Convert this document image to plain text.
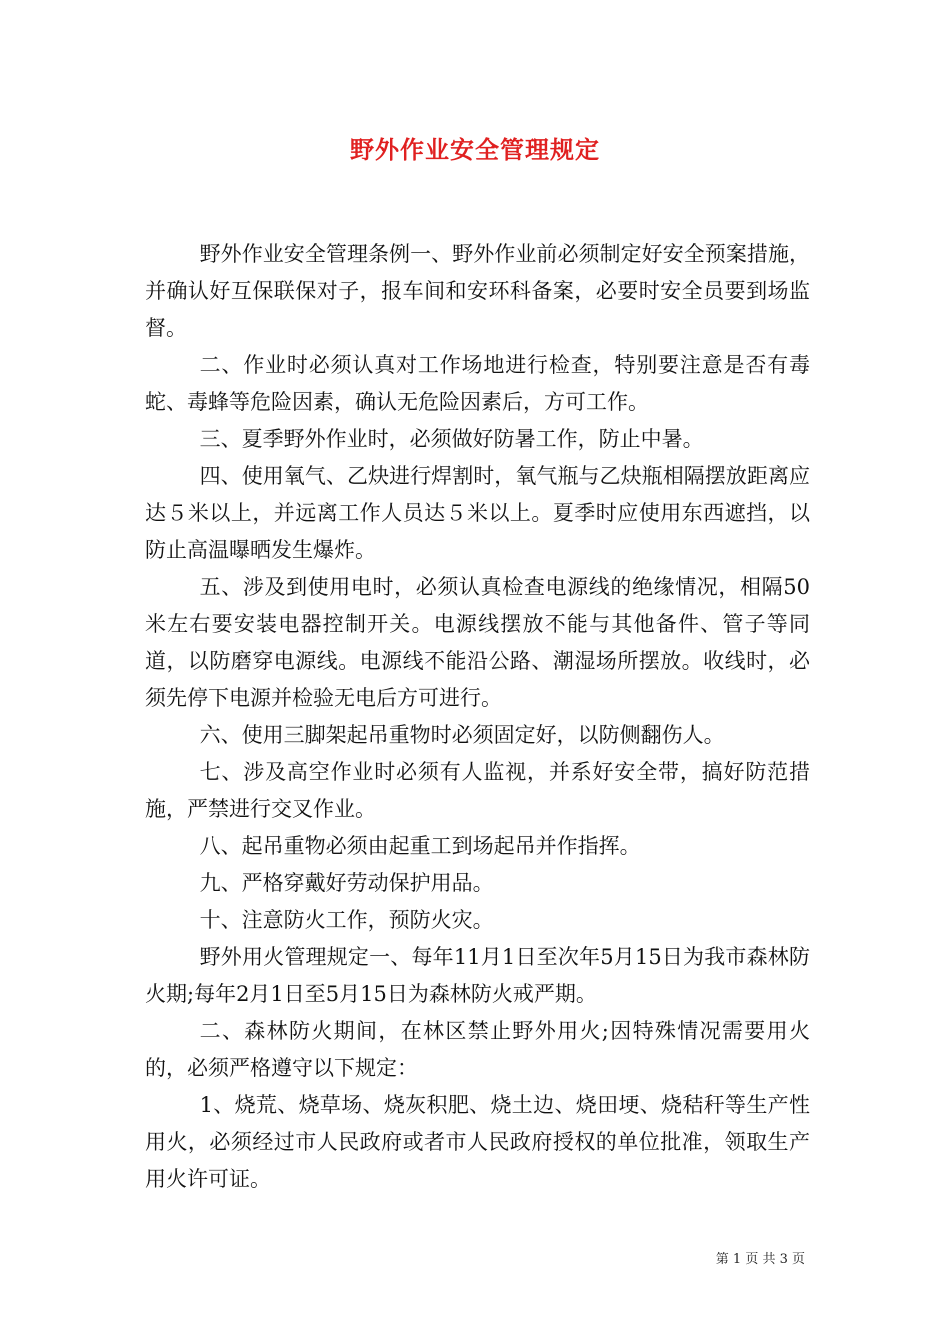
野外作业安全管理规定

野外作业安全管理条例一、野外作业前必须制定好安全预案措施，并确认好互保联保对子，报车间和安环科备案，必要时安全员要到场监督。

二、作业时必须认真对工作场地进行检查，特别要注意是否有毒蛇、毒蜂等危险因素，确认无危险因素后，方可工作。

三、夏季野外作业时，必须做好防暑工作，防止中暑。

四、使用氧气、乙炔进行焊割时，氧气瓶与乙炔瓶相隔摆放距离应达５米以上，并远离工作人员达５米以上。夏季时应使用东西遮挡，以防止高温曝晒发生爆炸。

五、涉及到使用电时，必须认真检查电源线的绝缘情况，相隔50米左右要安装电器控制开关。电源线摆放不能与其他备件、管子等同道，以防磨穿电源线。电源线不能沿公路、潮湿场所摆放。收线时，必须先停下电源并检验无电后方可进行。

六、使用三脚架起吊重物时必须固定好，以防侧翻伤人。

七、涉及高空作业时必须有人监视，并系好安全带，搞好防范措施，严禁进行交叉作业。

八、起吊重物必须由起重工到场起吊并作指挥。

九、严格穿戴好劳动保护用品。

十、注意防火工作，预防火灾。

野外用火管理规定一、每年11月1日至次年5月15日为我市森林防火期;每年2月1日至5月15日为森林防火戒严期。

二、森林防火期间，在林区禁止野外用火;因特殊情况需要用火的，必须严格遵守以下规定：

1、烧荒、烧草场、烧灰积肥、烧土边、烧田埂、烧秸秆等生产性用火，必须经过市人民政府或者市人民政府授权的单位批准，领取生产用火许可证。

第 1 页 共 3 页
